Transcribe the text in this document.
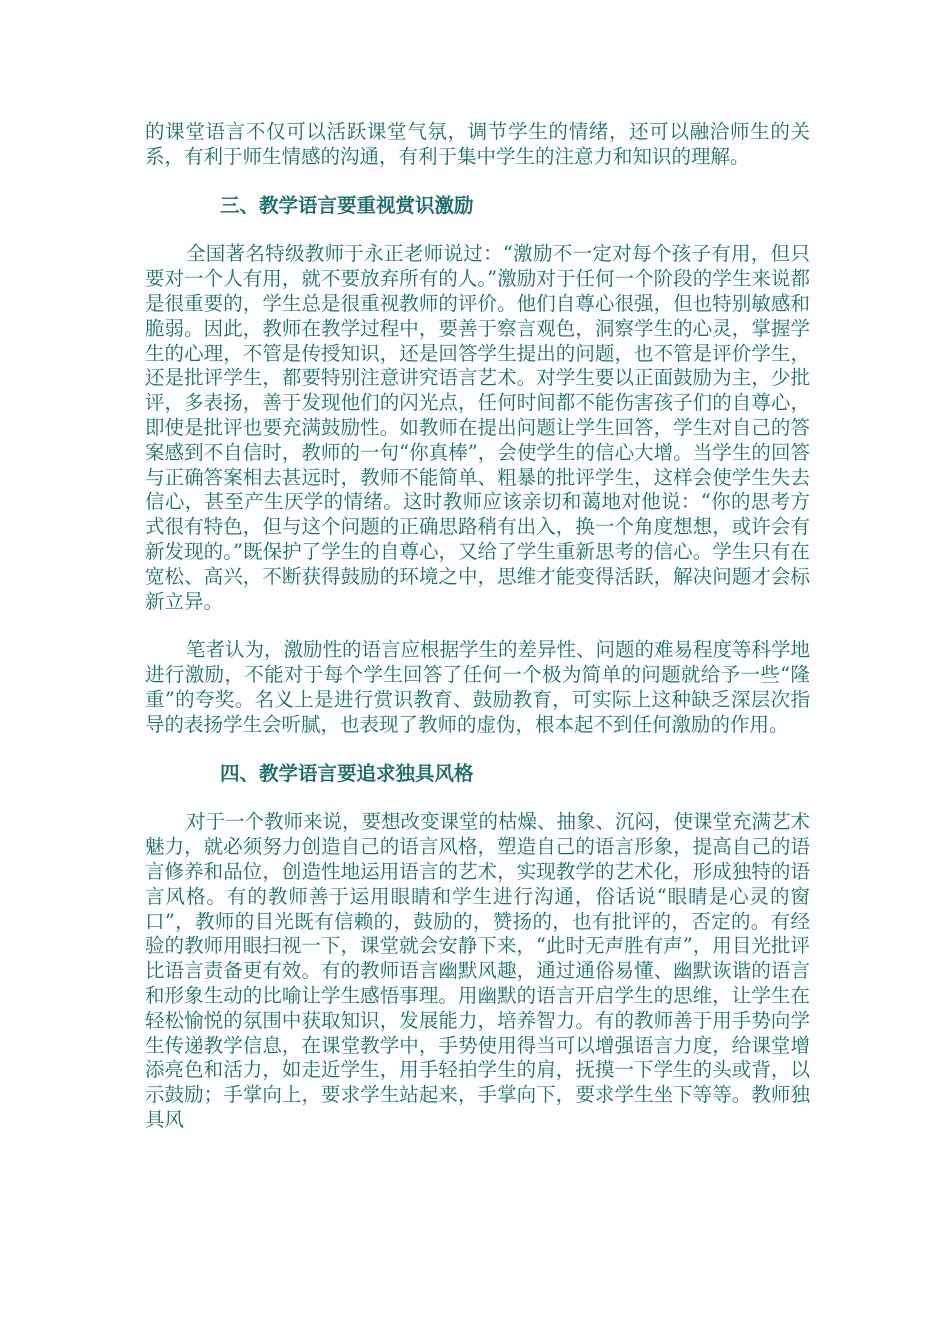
的课堂语言不仅可以活跃课堂气氛，调节学生的情绪，还可以融洽师生的关系，有利于师生情感的沟通，有利于集中学生的注意力和知识的理解。

三、教学语言要重视赏识激励

全国著名特级教师于永正老师说过：“激励不一定对每个孩子有用，但只要对一个人有用，就不要放弃所有的人。”激励对于任何一个阶段的学生来说都是很重要的，学生总是很重视教师的评价。他们自尊心很强，但也特别敏感和脆弱。因此，教师在教学过程中，要善于察言观色，洞察学生的心灵，掌握学生的心理，不管是传授知识，还是回答学生提出的问题，也不管是评价学生，还是批评学生，都要特别注意讲究语言艺术。对学生要以正面鼓励为主，少批评，多表扬，善于发现他们的闪光点，任何时间都不能伤害孩子们的自尊心，即使是批评也要充满鼓励性。如教师在提出问题让学生回答，学生对自己的答案感到不自信时，教师的一句“你真棒”，会使学生的信心大增。当学生的回答与正确答案相去甚远时，教师不能简单、粗暴的批评学生，这样会使学生失去信心，甚至产生厌学的情绪。这时教师应该亲切和蔼地对他说：“你的思考方式很有特色，但与这个问题的正确思路稍有出入，换一个角度想想，或许会有新发现的。”既保护了学生的自尊心，又给了学生重新思考的信心。学生只有在宽松、高兴，不断获得鼓励的环境之中，思维才能变得活跃，解决问题才会标新立异。

笔者认为，激励性的语言应根据学生的差异性、问题的难易程度等科学地进行激励，不能对于每个学生回答了任何一个极为简单的问题就给予一些“隆重”的夸奖。名义上是进行赏识教育、鼓励教育，可实际上这种缺乏深层次指导的表扬学生会听腻，也表现了教师的虚伪，根本起不到任何激励的作用。

四、教学语言要追求独具风格

对于一个教师来说，要想改变课堂的枯燥、抽象、沉闷，使课堂充满艺术魅力，就必须努力创造自己的语言风格，塑造自己的语言形象，提高自己的语言修养和品位，创造性地运用语言的艺术，实现教学的艺术化，形成独特的语言风格。有的教师善于运用眼睛和学生进行沟通，俗话说“眼睛是心灵的窗口”，教师的目光既有信赖的，鼓励的，赞扬的，也有批评的，否定的。有经验的教师用眼扫视一下，课堂就会安静下来，“此时无声胜有声”，用目光批评比语言责备更有效。有的教师语言幽默风趣，通过通俗易懂、幽默诙谐的语言和形象生动的比喻让学生感悟事理。用幽默的语言开启学生的思维，让学生在轻松愉悦的氛围中获取知识，发展能力，培养智力。有的教师善于用手势向学生传递教学信息，在课堂教学中，手势使用得当可以增强语言力度，给课堂增添亮色和活力，如走近学生，用手轻拍学生的肩，抚摸一下学生的头或背，以示鼓励；手掌向上，要求学生站起来，手掌向下，要求学生坐下等等。教师独具风
